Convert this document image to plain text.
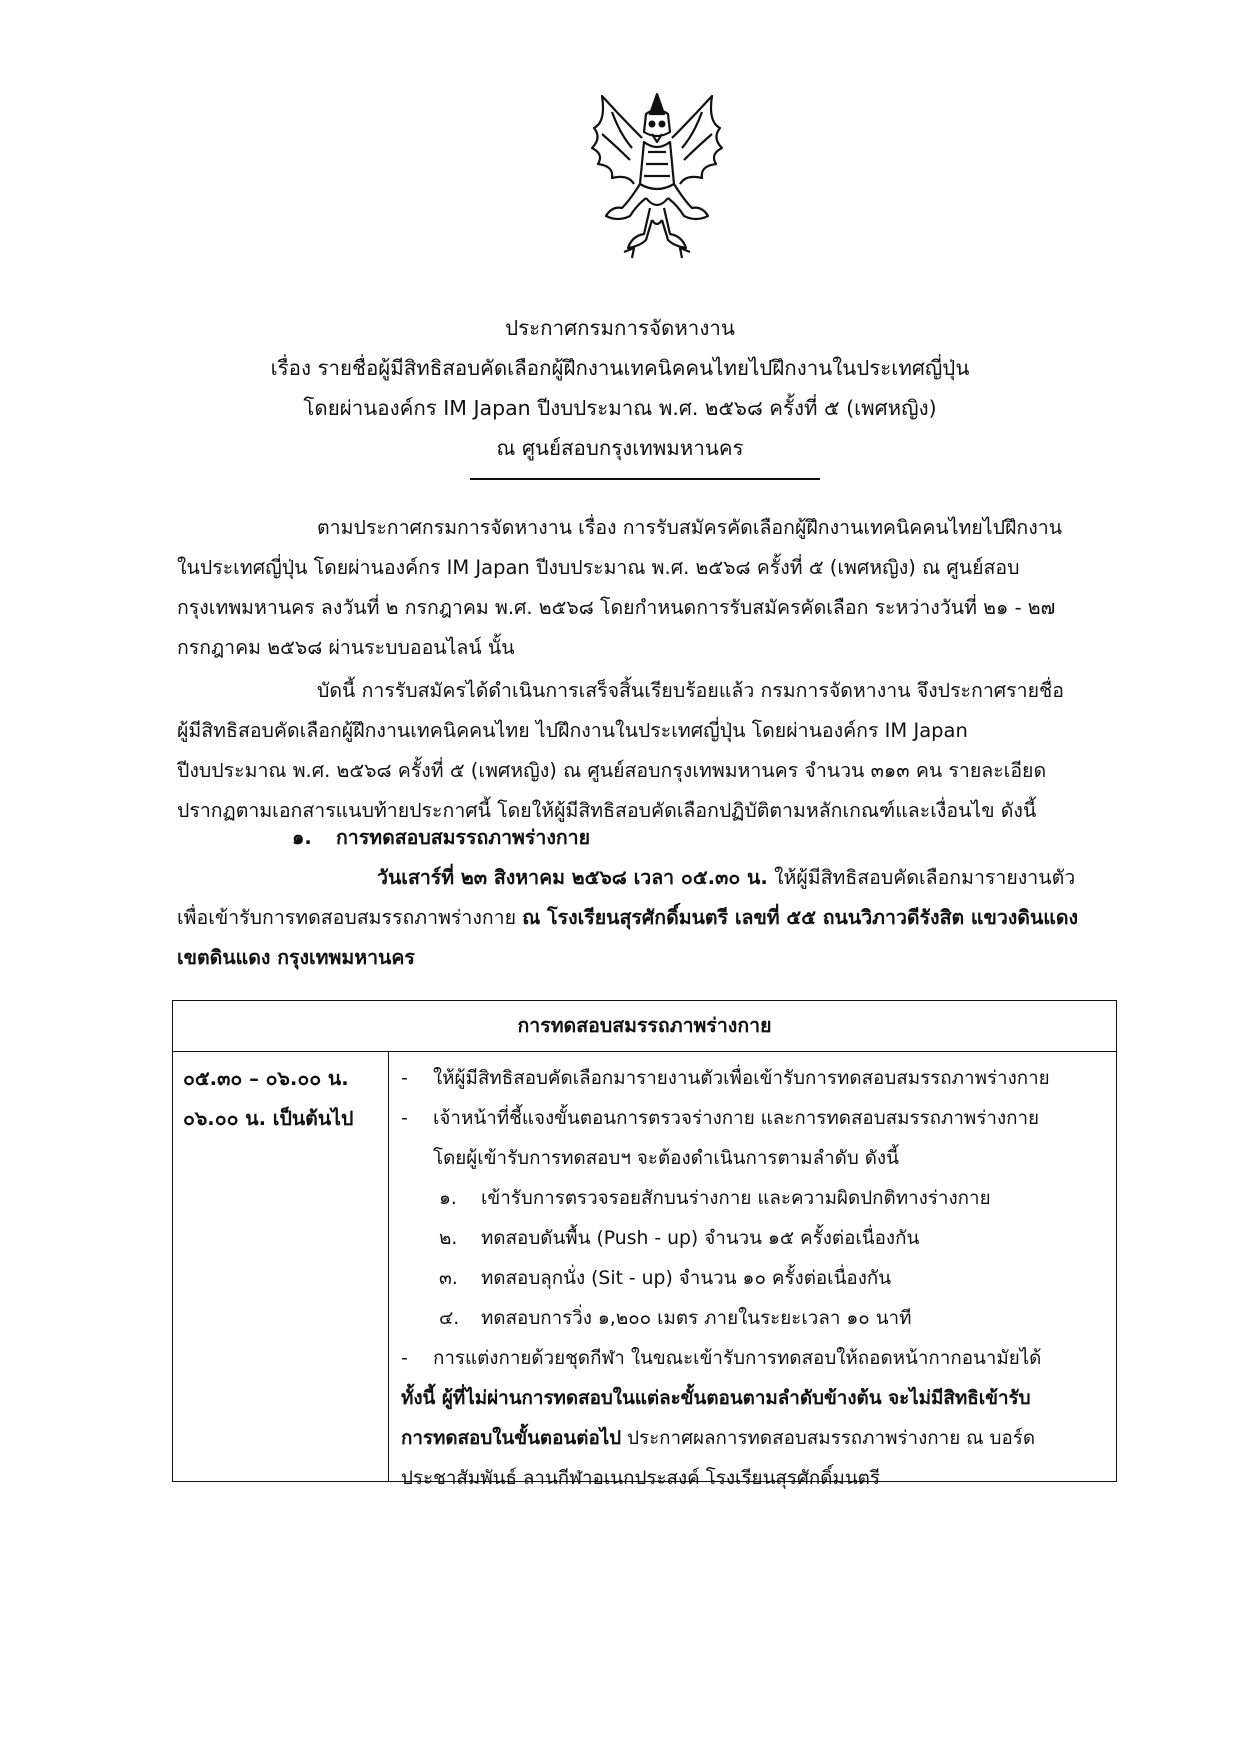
ประกาศกรมการจัดหางาน
เรื่อง รายชื่อผู้มีสิทธิสอบคัดเลือกผู้ฝึกงานเทคนิคคนไทยไปฝึกงานในประเทศญี่ปุ่น
โดยผ่านองค์กร IM Japan ปีงบประมาณ พ.ศ. ๒๕๖๘ ครั้งที่ ๕ (เพศหญิง)
ณ ศูนย์สอบกรุงเทพมหานคร
ตามประกาศกรมการจัดหางาน เรื่อง การรับสมัครคัดเลือกผู้ฝึกงานเทคนิคคนไทยไปฝึกงาน
ในประเทศญี่ปุ่น โดยผ่านองค์กร IM Japan ปีงบประมาณ พ.ศ. ๒๕๖๘ ครั้งที่ ๕ (เพศหญิง) ณ ศูนย์สอบ
กรุงเทพมหานคร ลงวันที่ ๒ กรกฎาคม พ.ศ. ๒๕๖๘ โดยกำหนดการรับสมัครคัดเลือก ระหว่างวันที่ ๒๑ - ๒๗
กรกฎาคม ๒๕๖๘ ผ่านระบบออนไลน์ นั้น
บัดนี้ การรับสมัครได้ดำเนินการเสร็จสิ้นเรียบร้อยแล้ว กรมการจัดหางาน จึงประกาศรายชื่อ
ผู้มีสิทธิสอบคัดเลือกผู้ฝึกงานเทคนิคคนไทย ไปฝึกงานในประเทศญี่ปุ่น โดยผ่านองค์กร IM Japan
ปีงบประมาณ พ.ศ. ๒๕๖๘ ครั้งที่ ๕ (เพศหญิง) ณ ศูนย์สอบกรุงเทพมหานคร จำนวน ๓๑๓ คน รายละเอียด
ปรากฏตามเอกสารแนบท้ายประกาศนี้ โดยให้ผู้มีสิทธิสอบคัดเลือกปฏิบัติตามหลักเกณฑ์และเงื่อนไข ดังนี้
๑. การทดสอบสมรรถภาพร่างกาย
วันเสาร์ที่ ๒๓ สิงหาคม ๒๕๖๘ เวลา ๐๕.๓๐ น. ให้ผู้มีสิทธิสอบคัดเลือกมารายงานตัว
เพื่อเข้ารับการทดสอบสมรรถภาพร่างกาย ณ โรงเรียนสุรศักดิ์มนตรี เลขที่ ๕๕ ถนนวิภาวดีรังสิต แขวงดินแดง
เขตดินแดง กรุงเทพมหานคร
การทดสอบสมรรถภาพร่างกาย
๐๕.๓๐ – ๐๖.๐๐ น.
๐๖.๐๐ น. เป็นต้นไป
- ให้ผู้มีสิทธิสอบคัดเลือกมารายงานตัวเพื่อเข้ารับการทดสอบสมรรถภาพร่างกาย
- เจ้าหน้าที่ชี้แจงขั้นตอนการตรวจร่างกาย และการทดสอบสมรรถภาพร่างกาย
โดยผู้เข้ารับการทดสอบฯ จะต้องดำเนินการตามลำดับ ดังนี้
๑. เข้ารับการตรวจรอยสักบนร่างกาย และความผิดปกติทางร่างกาย
๒. ทดสอบดันพื้น (Push - up) จำนวน ๑๕ ครั้งต่อเนื่องกัน
๓. ทดสอบลุกนั่ง (Sit - up) จำนวน ๑๐ ครั้งต่อเนื่องกัน
๔. ทดสอบการวิ่ง ๑,๒๐๐ เมตร ภายในระยะเวลา ๑๐ นาที
- การแต่งกายด้วยชุดกีฬา ในขณะเข้ารับการทดสอบให้ถอดหน้ากากอนามัยได้
ทั้งนี้ ผู้ที่ไม่ผ่านการทดสอบในแต่ละขั้นตอนตามลำดับข้างต้น จะไม่มีสิทธิเข้ารับ
การทดสอบในขั้นตอนต่อไป ประกาศผลการทดสอบสมรรถภาพร่างกาย ณ บอร์ด
ประชาสัมพันธ์ ลานกีฬาอเนกประสงค์ โรงเรียนสุรศักดิ์มนตรี
